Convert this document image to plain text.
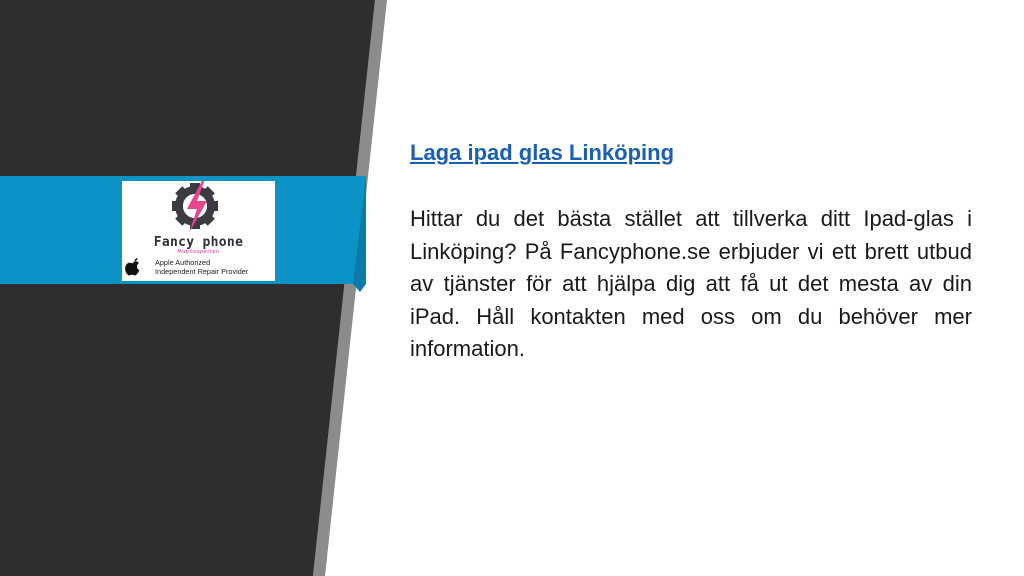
Fancy phone
Mobilexperten
Apple Authorized
Independent Repair Provider
Laga ipad glas Linköping
Hittar du det bästa stället att tillverka ditt Ipad-glas i Linköping? På Fancyphone.se erbjuder vi ett brett utbud av tjänster för att hjälpa dig att få ut det mesta av din iPad. Håll kontakten med oss om du behöver mer information.
